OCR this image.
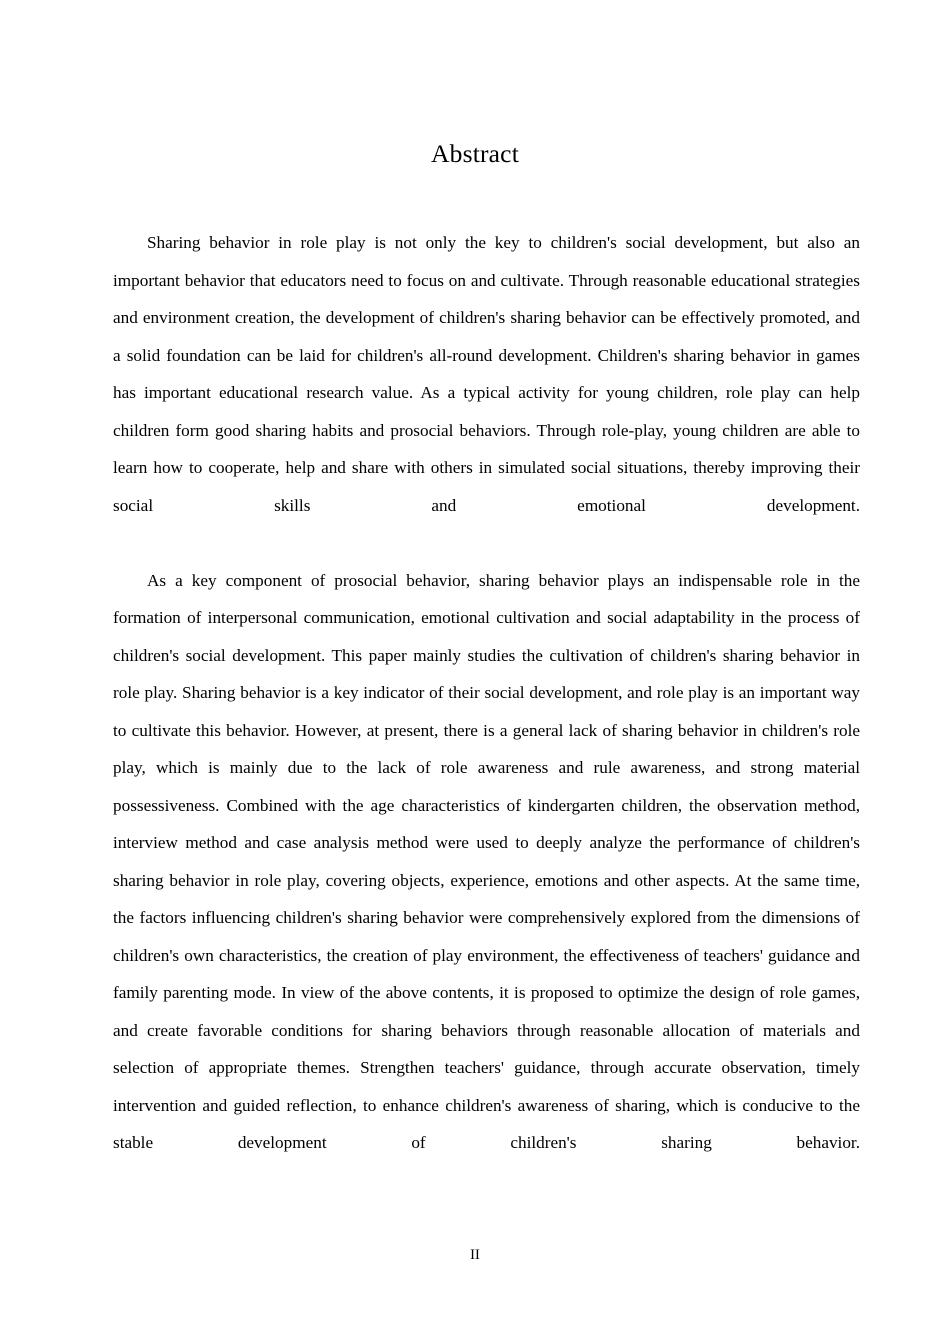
Abstract

Sharing behavior in role play is not only the key to children's social development, but also an important behavior that educators need to focus on and cultivate. Through reasonable educational strategies and environment creation, the development of children's sharing behavior can be effectively promoted, and a solid foundation can be laid for children's all-round development. Children's sharing behavior in games has important educational research value. As a typical activity for young children, role play can help children form good sharing habits and prosocial behaviors. Through role-play, young children are able to learn how to cooperate, help and share with others in simulated social situations, thereby improving their social skills and emotional development.

As a key component of prosocial behavior, sharing behavior plays an indispensable role in the formation of interpersonal communication, emotional cultivation and social adaptability in the process of children's social development. This paper mainly studies the cultivation of children's sharing behavior in role play. Sharing behavior is a key indicator of their social development, and role play is an important way to cultivate this behavior. However, at present, there is a general lack of sharing behavior in children's role play, which is mainly due to the lack of role awareness and rule awareness, and strong material possessiveness. Combined with the age characteristics of kindergarten children, the observation method, interview method and case analysis method were used to deeply analyze the performance of children's sharing behavior in role play, covering objects, experience, emotions and other aspects. At the same time, the factors influencing children's sharing behavior were comprehensively explored from the dimensions of children's own characteristics, the creation of play environment, the effectiveness of teachers' guidance and family parenting mode. In view of the above contents, it is proposed to optimize the design of role games, and create favorable conditions for sharing behaviors through reasonable allocation of materials and selection of appropriate themes. Strengthen teachers' guidance, through accurate observation, timely intervention and guided reflection, to enhance children's awareness of sharing, which is conducive to the stable development of children's sharing behavior.

II
